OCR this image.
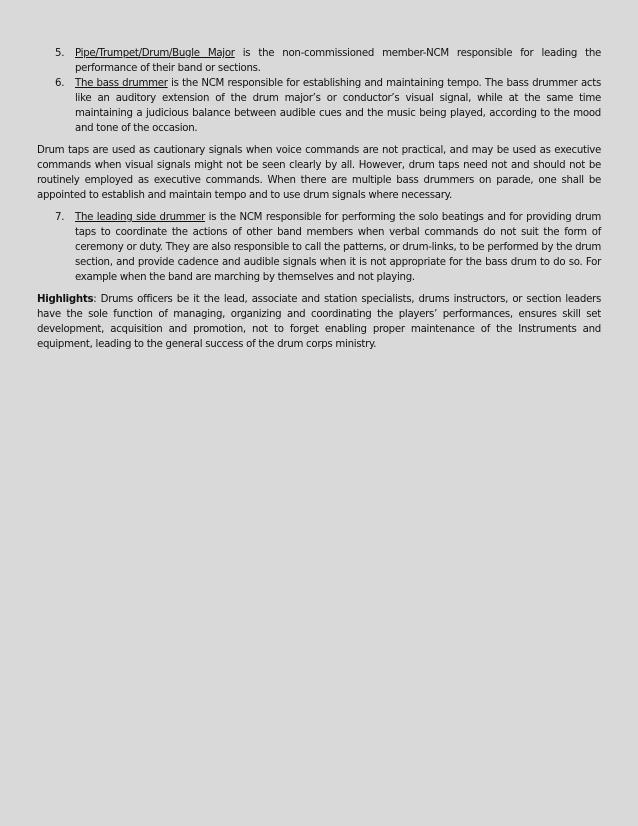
5.	Pipe/Trumpet/Drum/Bugle Major is the non-commissioned member-NCM responsible for leading the performance of their band or sections.
6.	The bass drummer is the NCM responsible for establishing and maintaining tempo. The bass drummer acts like an auditory extension of the drum major’s or conductor’s visual signal, while at the same time maintaining a judicious balance between audible cues and the music being played, according to the mood and tone of the occasion.

Drum taps are used as cautionary signals when voice commands are not practical, and may be used as executive commands when visual signals might not be seen clearly by all. However, drum taps need not and should not be routinely employed as executive commands. When there are multiple bass drummers on parade, one shall be appointed to establish and maintain tempo and to use drum signals where necessary.

7.	The leading side drummer is the NCM responsible for performing the solo beatings and for providing drum taps to coordinate the actions of other band members when verbal commands do not suit the form of ceremony or duty. They are also responsible to call the patterns, or drum-links, to be performed by the drum section, and provide cadence and audible signals when it is not appropriate for the bass drum to do so. For example when the band are marching by themselves and not playing.

Highlights: Drums officers be it the lead, associate and station specialists, drums instructors, or section leaders have the sole function of managing, organizing and coordinating the players’ performances, ensures skill set development, acquisition and promotion, not to forget enabling proper maintenance of the Instruments and equipment, leading to the general success of the drum corps ministry.
